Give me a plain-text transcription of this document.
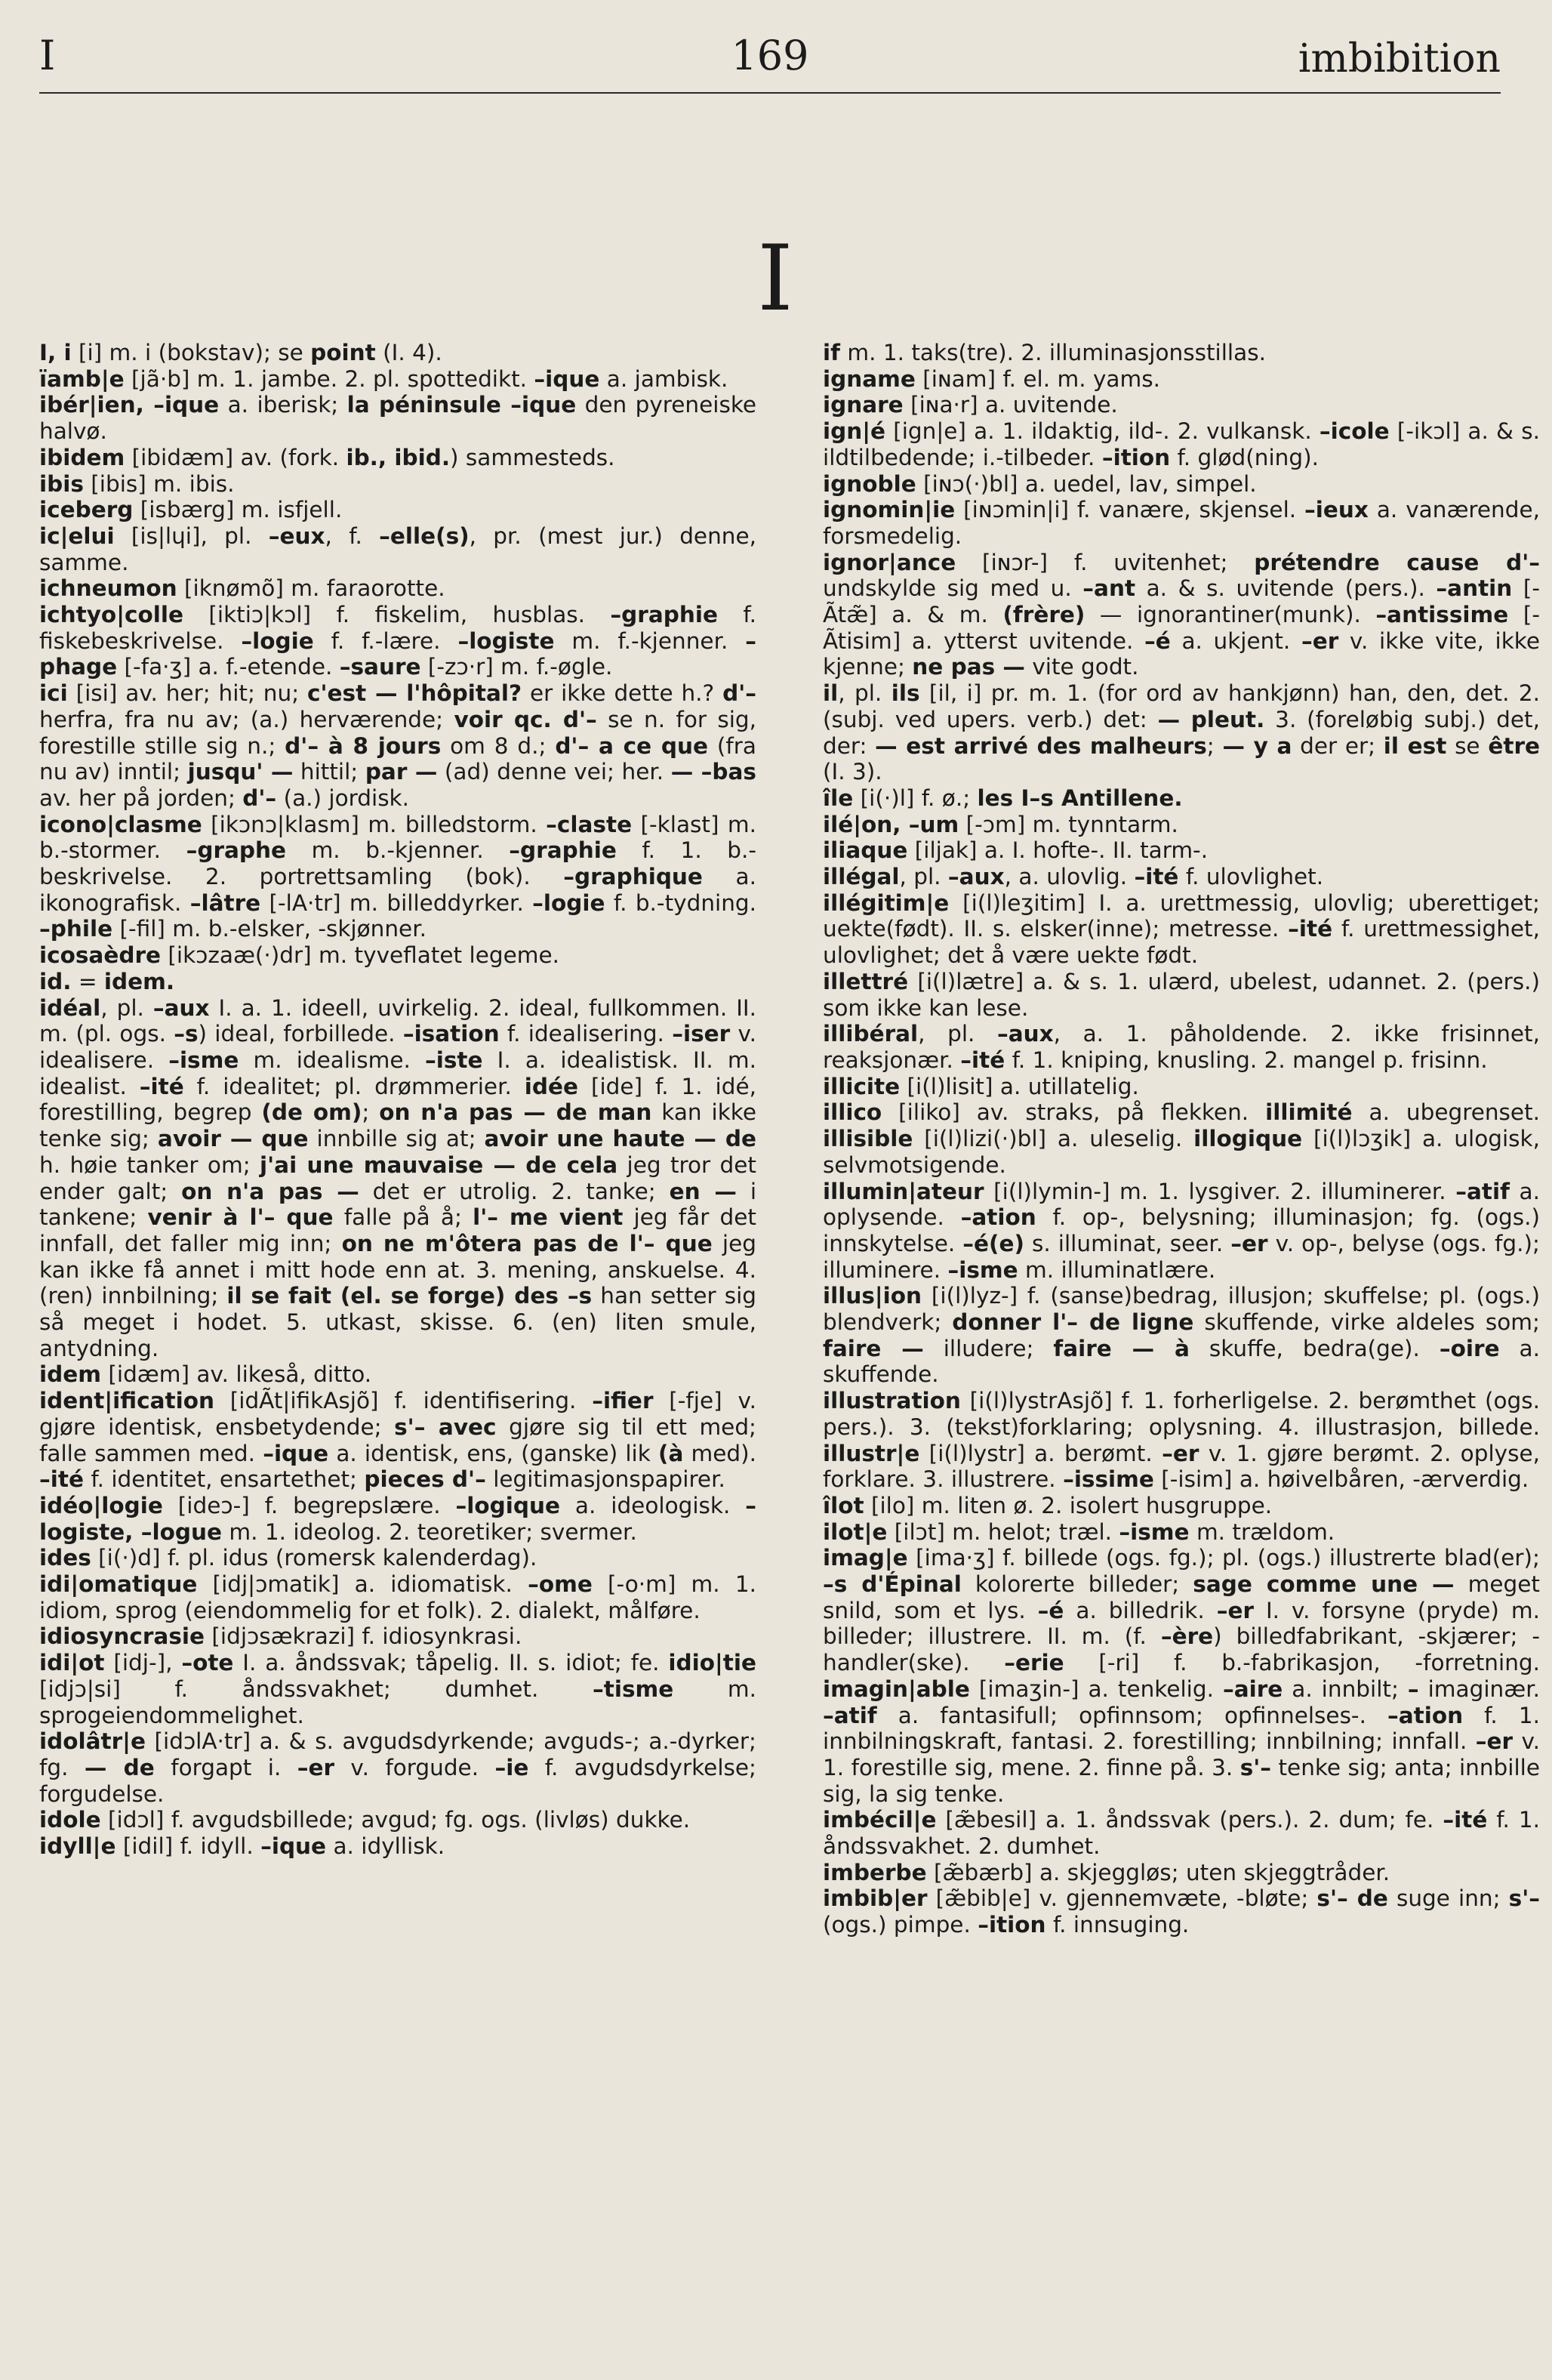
I	169	imbibition
I

I, i [i] m. i (bokstav); se point (I. 4).

ïamb|e [jã·b] m. 1. jambe. 2. pl. spottedikt. –ique a. jambisk.

ibér|ien, –ique a. iberisk; la péninsule –ique den pyreneiske halvø.

ibidem [ibidæm] av. (fork. ib., ibid.) sammesteds.

ibis [ibis] m. ibis.

iceberg [isbærg] m. isfjell.

ic|elui [is|lɥi], pl. –eux, f. –elle(s), pr. (mest jur.) denne, samme.

ichneumon [iknømõ] m. faraorotte.

ichtyo|colle [iktiɔ|kɔl] f. fiskelim, husblas. –graphie f. fiskebeskrivelse. –logie f. f.-lære. –logiste m. f.-kjenner. –phage [-fa·ʒ] a. f.-etende. –saure [-zɔ·r] m. f.-øgle.

ici [isi] av. her; hit; nu; c'est — l'hôpital? er ikke dette h.? d'– herfra, fra nu av; (a.) herværende; voir qc. d'– se n. for sig, forestille stille sig n.; d'– à 8 jours om 8 d.; d'– a ce que (fra nu av) inntil; jusqu' — hittil; par — (ad) denne vei; her. — –bas av. her på jorden; d'– (a.) jordisk.

icono|clasme [ikɔnɔ|klasm] m. billedstorm. –claste [-klast] m. b.-stormer. –graphe m. b.-kjenner. –graphie f. 1. b.-beskrivelse. 2. portrettsamling (bok). –graphique a. ikonografisk. –lâtre [-lA·tr] m. billeddyrker. –logie f. b.-tydning. –phile [-fil] m. b.-elsker, -skjønner.

icosaèdre [ikɔzaæ(·)dr] m. tyveflatet legeme.

id. = idem.

idéal, pl. –aux I. a. 1. ideell, uvirkelig. 2. ideal, fullkommen. II. m. (pl. ogs. –s) ideal, forbillede. –isation f. idealisering. –iser v. idealisere. –isme m. idealisme. –iste I. a. idealistisk. II. m. idealist. –ité f. idealitet; pl. drømmerier. idée [ide] f. 1. idé, forestilling, begrep (de om); on n'a pas — de man kan ikke tenke sig; avoir — que innbille sig at; avoir une haute — de h. høie tanker om; j'ai une mauvaise — de cela jeg tror det ender galt; on n'a pas — det er utrolig. 2. tanke; en — i tankene; venir à l'– que falle på å; l'– me vient jeg får det innfall, det faller mig inn; on ne m'ôtera pas de l'– que jeg kan ikke få annet i mitt hode enn at. 3. mening, anskuelse. 4. (ren) innbilning; il se fait (el. se forge) des –s han setter sig så meget i hodet. 5. utkast, skisse. 6. (en) liten smule, antydning.

idem [idæm] av. likeså, ditto.

ident|ification [idÃt|ifikAsjõ] f. identifisering. –ifier [-fje] v. gjøre identisk, ensbetydende; s'– avec gjøre sig til ett med; falle sammen med. –ique a. identisk, ens, (ganske) lik (à med). –ité f. identitet, ensartethet; pieces d'– legitimasjonspapirer.

idéo|logie [ideɔ-] f. begrepslære. –logique a. ideologisk. –logiste, –logue m. 1. ideolog. 2. teoretiker; svermer.

ides [i(·)d] f. pl. idus (romersk kalenderdag).

idi|omatique [idj|ɔmatik] a. idiomatisk. –ome [-o·m] m. 1. idiom, sprog (eiendommelig for et folk). 2. dialekt, målføre.

idiosyncrasie [idjɔsækrazi] f. idiosynkrasi.

idi|ot [idj-], –ote I. a. åndssvak; tåpelig. II. s. idiot; fe. idio|tie [idjɔ|si] f. åndssvakhet; dumhet. –tisme m. sprogeiendommelighet.

idolâtr|e [idɔlA·tr] a. & s. avgudsdyrkende; avguds-; a.-dyrker; fg. — de forgapt i. –er v. forgude. –ie f. avgudsdyrkelse; forgudelse.

idole [idɔl] f. avgudsbillede; avgud; fg. ogs. (livløs) dukke.

idyll|e [idil] f. idyll. –ique a. idyllisk.

if m. 1. taks(tre). 2. illuminasjonsstillas.

igname [iɴam] f. el. m. yams.

ignare [iɴa·r] a. uvitende.

ign|é [ign|e] a. 1. ildaktig, ild-. 2. vulkansk. –icole [-ikɔl] a. & s. ildtilbedende; i.-tilbeder. –ition f. glød(ning).

ignoble [iɴɔ(·)bl] a. uedel, lav, simpel.

ignomin|ie [iɴɔmin|i] f. vanære, skjensel. –ieux a. vanærende, forsmedelig.

ignor|ance [iɴɔr-] f. uvitenhet; prétendre cause d'– undskylde sig med u. –ant a. & s. uvitende (pers.). –antin [-Ãtæ̃] a. & m. (frère) — ignorantiner(munk). –antissime [-Ãtisim] a. ytterst uvitende. –é a. ukjent. –er v. ikke vite, ikke kjenne; ne pas — vite godt.

il, pl. ils [il, i] pr. m. 1. (for ord av hankjønn) han, den, det. 2. (subj. ved upers. verb.) det: — pleut. 3. (foreløbig subj.) det, der: — est arrivé des malheurs; — y a der er; il est se être (I. 3).

île [i(·)l] f. ø.; les I–s Antillene.

ilé|on, –um [-ɔm] m. tynntarm.

iliaque [iljak] a. I. hofte-. II. tarm-.

illégal, pl. –aux, a. ulovlig. –ité f. ulovlighet.

illégitim|e [i(l)leʒitim] I. a. urettmessig, ulovlig; uberettiget; uekte(født). II. s. elsker(inne); metresse. –ité f. urettmessighet, ulovlighet; det å være uekte født.

illettré [i(l)lætre] a. & s. 1. ulærd, ubelest, udannet. 2. (pers.) som ikke kan lese.

illibéral, pl. –aux, a. 1. påholdende. 2. ikke frisinnet, reaksjonær. –ité f. 1. kniping, knusling. 2. mangel p. frisinn.

illicite [i(l)lisit] a. utillatelig.

illico [iliko] av. straks, på flekken. illimité a. ubegrenset. illisible [i(l)lizi(·)bl] a. uleselig. illogique [i(l)lɔʒik] a. ulogisk, selvmotsigende.

illumin|ateur [i(l)lymin-] m. 1. lysgiver. 2. illuminerer. –atif a. oplysende. –ation f. op-, belysning; illuminasjon; fg. (ogs.) innskytelse. –é(e) s. illuminat, seer. –er v. op-, belyse (ogs. fg.); illuminere. –isme m. illuminatlære.

illus|ion [i(l)lyz-] f. (sanse)bedrag, illusjon; skuffelse; pl. (ogs.) blendverk; donner l'– de ligne skuffende, virke aldeles som; faire — illudere; faire — à skuffe, bedra(ge). –oire a. skuffende.

illustration [i(l)lystrAsjõ] f. 1. forherligelse. 2. berømthet (ogs. pers.). 3. (tekst)forklaring; oplysning. 4. illustrasjon, billede. illustr|e [i(l)lystr] a. berømt. –er v. 1. gjøre berømt. 2. oplyse, forklare. 3. illustrere. –issime [-isim] a. høivelbåren, -ærverdig.

îlot [ilo] m. liten ø. 2. isolert husgruppe.

ilot|e [ilɔt] m. helot; træl. –isme m. trældom.

imag|e [ima·ʒ] f. billede (ogs. fg.); pl. (ogs.) illustrerte blad(er); –s d'Épinal kolorerte billeder; sage comme une — meget snild, som et lys. –é a. billedrik. –er I. v. forsyne (pryde) m. billeder; illustrere. II. m. (f. –ère) billedfabrikant, -skjærer; -handler(ske). –erie [-ri] f. b.-fabrikasjon, -forretning. imagin|able [imaʒin-] a. tenkelig. –aire a. innbilt; – imaginær. –atif a. fantasifull; opfinnsom; opfinnelses-. –ation f. 1. innbilningskraft, fantasi. 2. forestilling; innbilning; innfall. –er v. 1. forestille sig, mene. 2. finne på. 3. s'– tenke sig; anta; innbille sig, la sig tenke.

imbécil|e [æ̃besil] a. 1. åndssvak (pers.). 2. dum; fe. –ité f. 1. åndssvakhet. 2. dumhet.

imberbe [æ̃bærb] a. skjeggløs; uten skjeggtråder.

imbib|er [æ̃bib|e] v. gjennemvæte, -bløte; s'– de suge inn; s'– (ogs.) pimpe. –ition f. innsuging.
